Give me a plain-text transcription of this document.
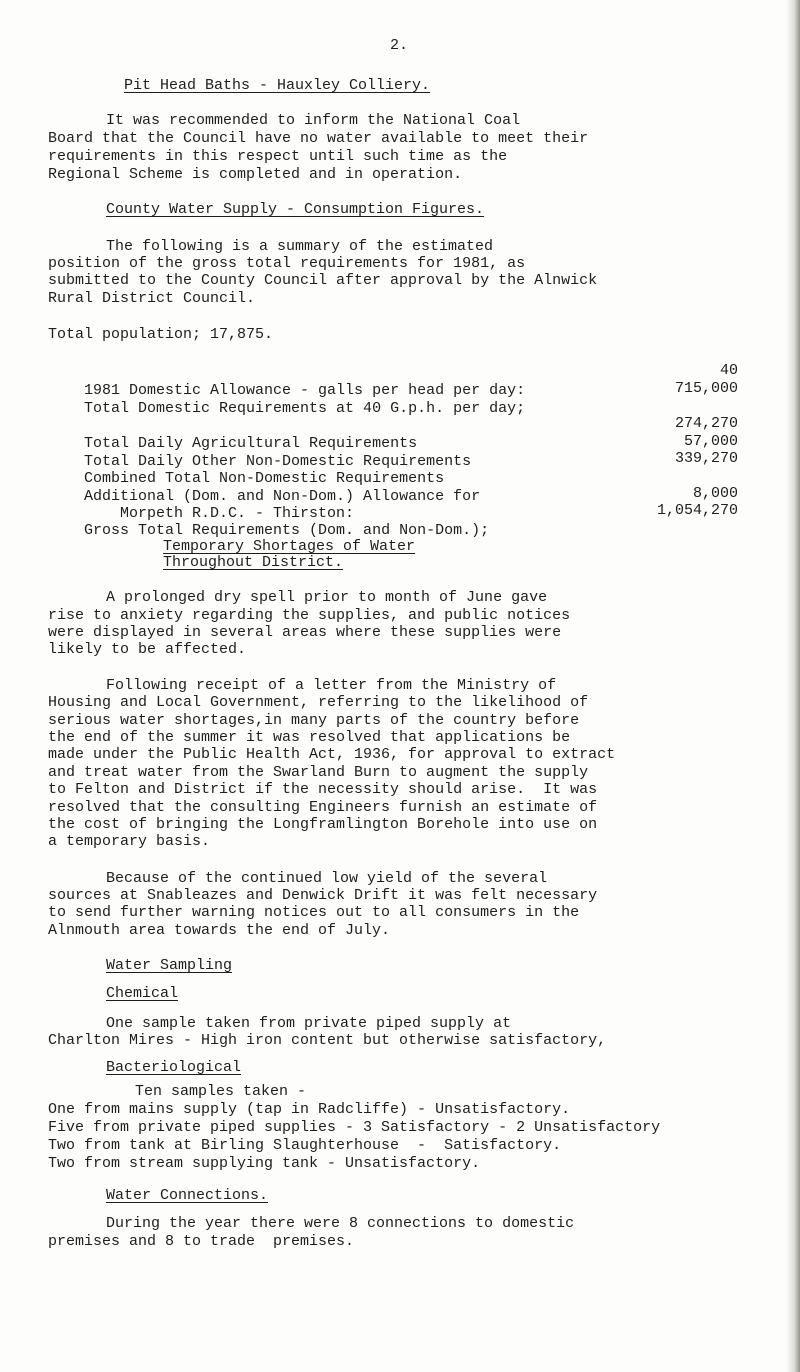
2.
Pit Head Baths - Hauxley Colliery.
It was recommended to inform the National Coal
Board that the Council have no water available to meet their
requirements in this respect until such time as the
Regional Scheme is completed and in operation.
County Water Supply - Consumption Figures.
The following is a summary of the estimated
position of the gross total requirements for 1981, as
submitted to the County Council after approval by the Alnwick
Rural District Council.
Total population; 17,875.

1981 Domestic Allowance - galls per head per day:

40

Total Domestic Requirements at 40 G.p.h. per day;

715,000

Total Daily Agricultural Requirements

274,270

Total Daily Other Non-Domestic Requirements

57,000

Combined Total Non-Domestic Requirements

339,270

Additional (Dom. and Non-Dom.) Allowance for

Morpeth R.D.C. - Thirston:

8,000

Gross Total Requirements (Dom. and Non-Dom.);

1,054,270

Temporary Shortages of Water
Throughout District.
A prolonged dry spell prior to month of June gave
rise to anxiety regarding the supplies, and public notices
were displayed in several areas where these supplies were
likely to be affected.
Following receipt of a letter from the Ministry of
Housing and Local Government, referring to the likelihood of
serious water shortages,in many parts of the country before
the end of the summer it was resolved that applications be
made under the Public Health Act, 1936, for approval to extract
and treat water from the Swarland Burn to augment the supply
to Felton and District if the necessity should arise.  It was
resolved that the consulting Engineers furnish an estimate of
the cost of bringing the Longframlington Borehole into use on
a temporary basis.
Because of the continued low yield of the several
sources at Snableazes and Denwick Drift it was felt necessary
to send further warning notices out to all consumers in the
Alnmouth area towards the end of July.
Water Sampling
Chemical
One sample taken from private piped supply at
Charlton Mires - High iron content but otherwise satisfactory,
Bacteriological
Ten samples taken -
One from mains supply (tap in Radcliffe) - Unsatisfactory.
Five from private piped supplies - 3 Satisfactory - 2 Unsatisfactory
Two from tank at Birling Slaughterhouse  -  Satisfactory.
Two from stream supplying tank - Unsatisfactory.
Water Connections.
During the year there were 8 connections to domestic
premises and 8 to trade  premises.
